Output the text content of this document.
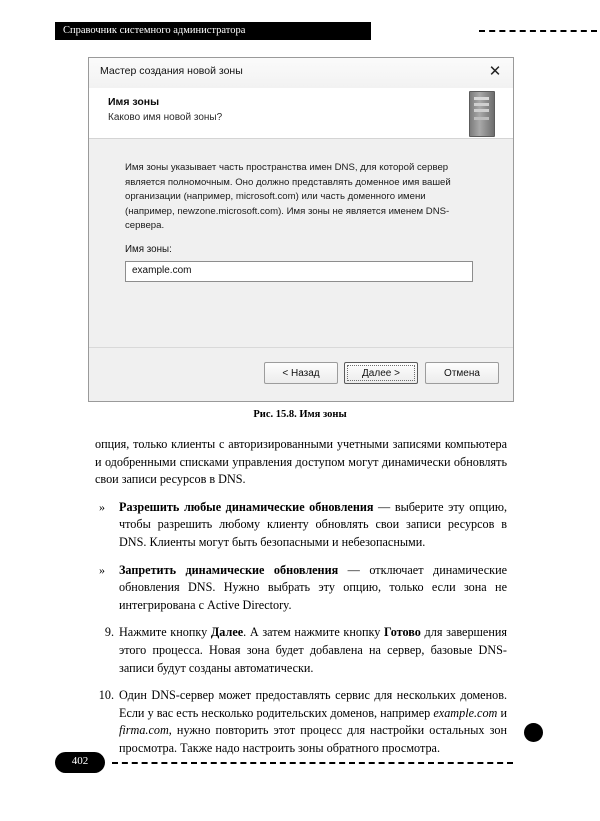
Справочник системного администратора
Мастер создания новой зоны	✕
Имя зоны
Каково имя новой зоны?
Имя зоны указывает часть пространства имен DNS, для которой сервер является полномочным. Оно должно представлять доменное имя вашей организации (например, microsoft.com) или часть доменного имени (например, newzone.microsoft.com). Имя зоны не является именем DNS-сервера.
Имя зоны:
example.com
< Назад	Далее >	Отмена
Рис. 15.8. Имя зоны

опция, только клиенты с авторизированными учетными записями компьютера и одобренными списками управления доступом могут динамически обновлять свои записи ресурсов в DNS.

» Разрешить любые динамические обновления — выберите эту опцию, чтобы разрешить любому клиенту обновлять свои записи ресурсов в DNS. Клиенты могут быть безопасными и небезопасными.
» Запретить динамические обновления — отключает динамические обновления DNS. Нужно выбрать эту опцию, только если зона не интегрирована с Active Directory.
9. Нажмите кнопку Далее. А затем нажмите кнопку Готово для завершения этого процесса. Новая зона будет добавлена на сервер, базовые DNS-записи будут созданы автоматически.
10. Один DNS-сервер может предоставлять сервис для нескольких доменов. Если у вас есть несколько родительских доменов, например example.com и firma.com, нужно повторить этот процесс для настройки остальных зон просмотра. Также надо настроить зоны обратного просмотра.
402
